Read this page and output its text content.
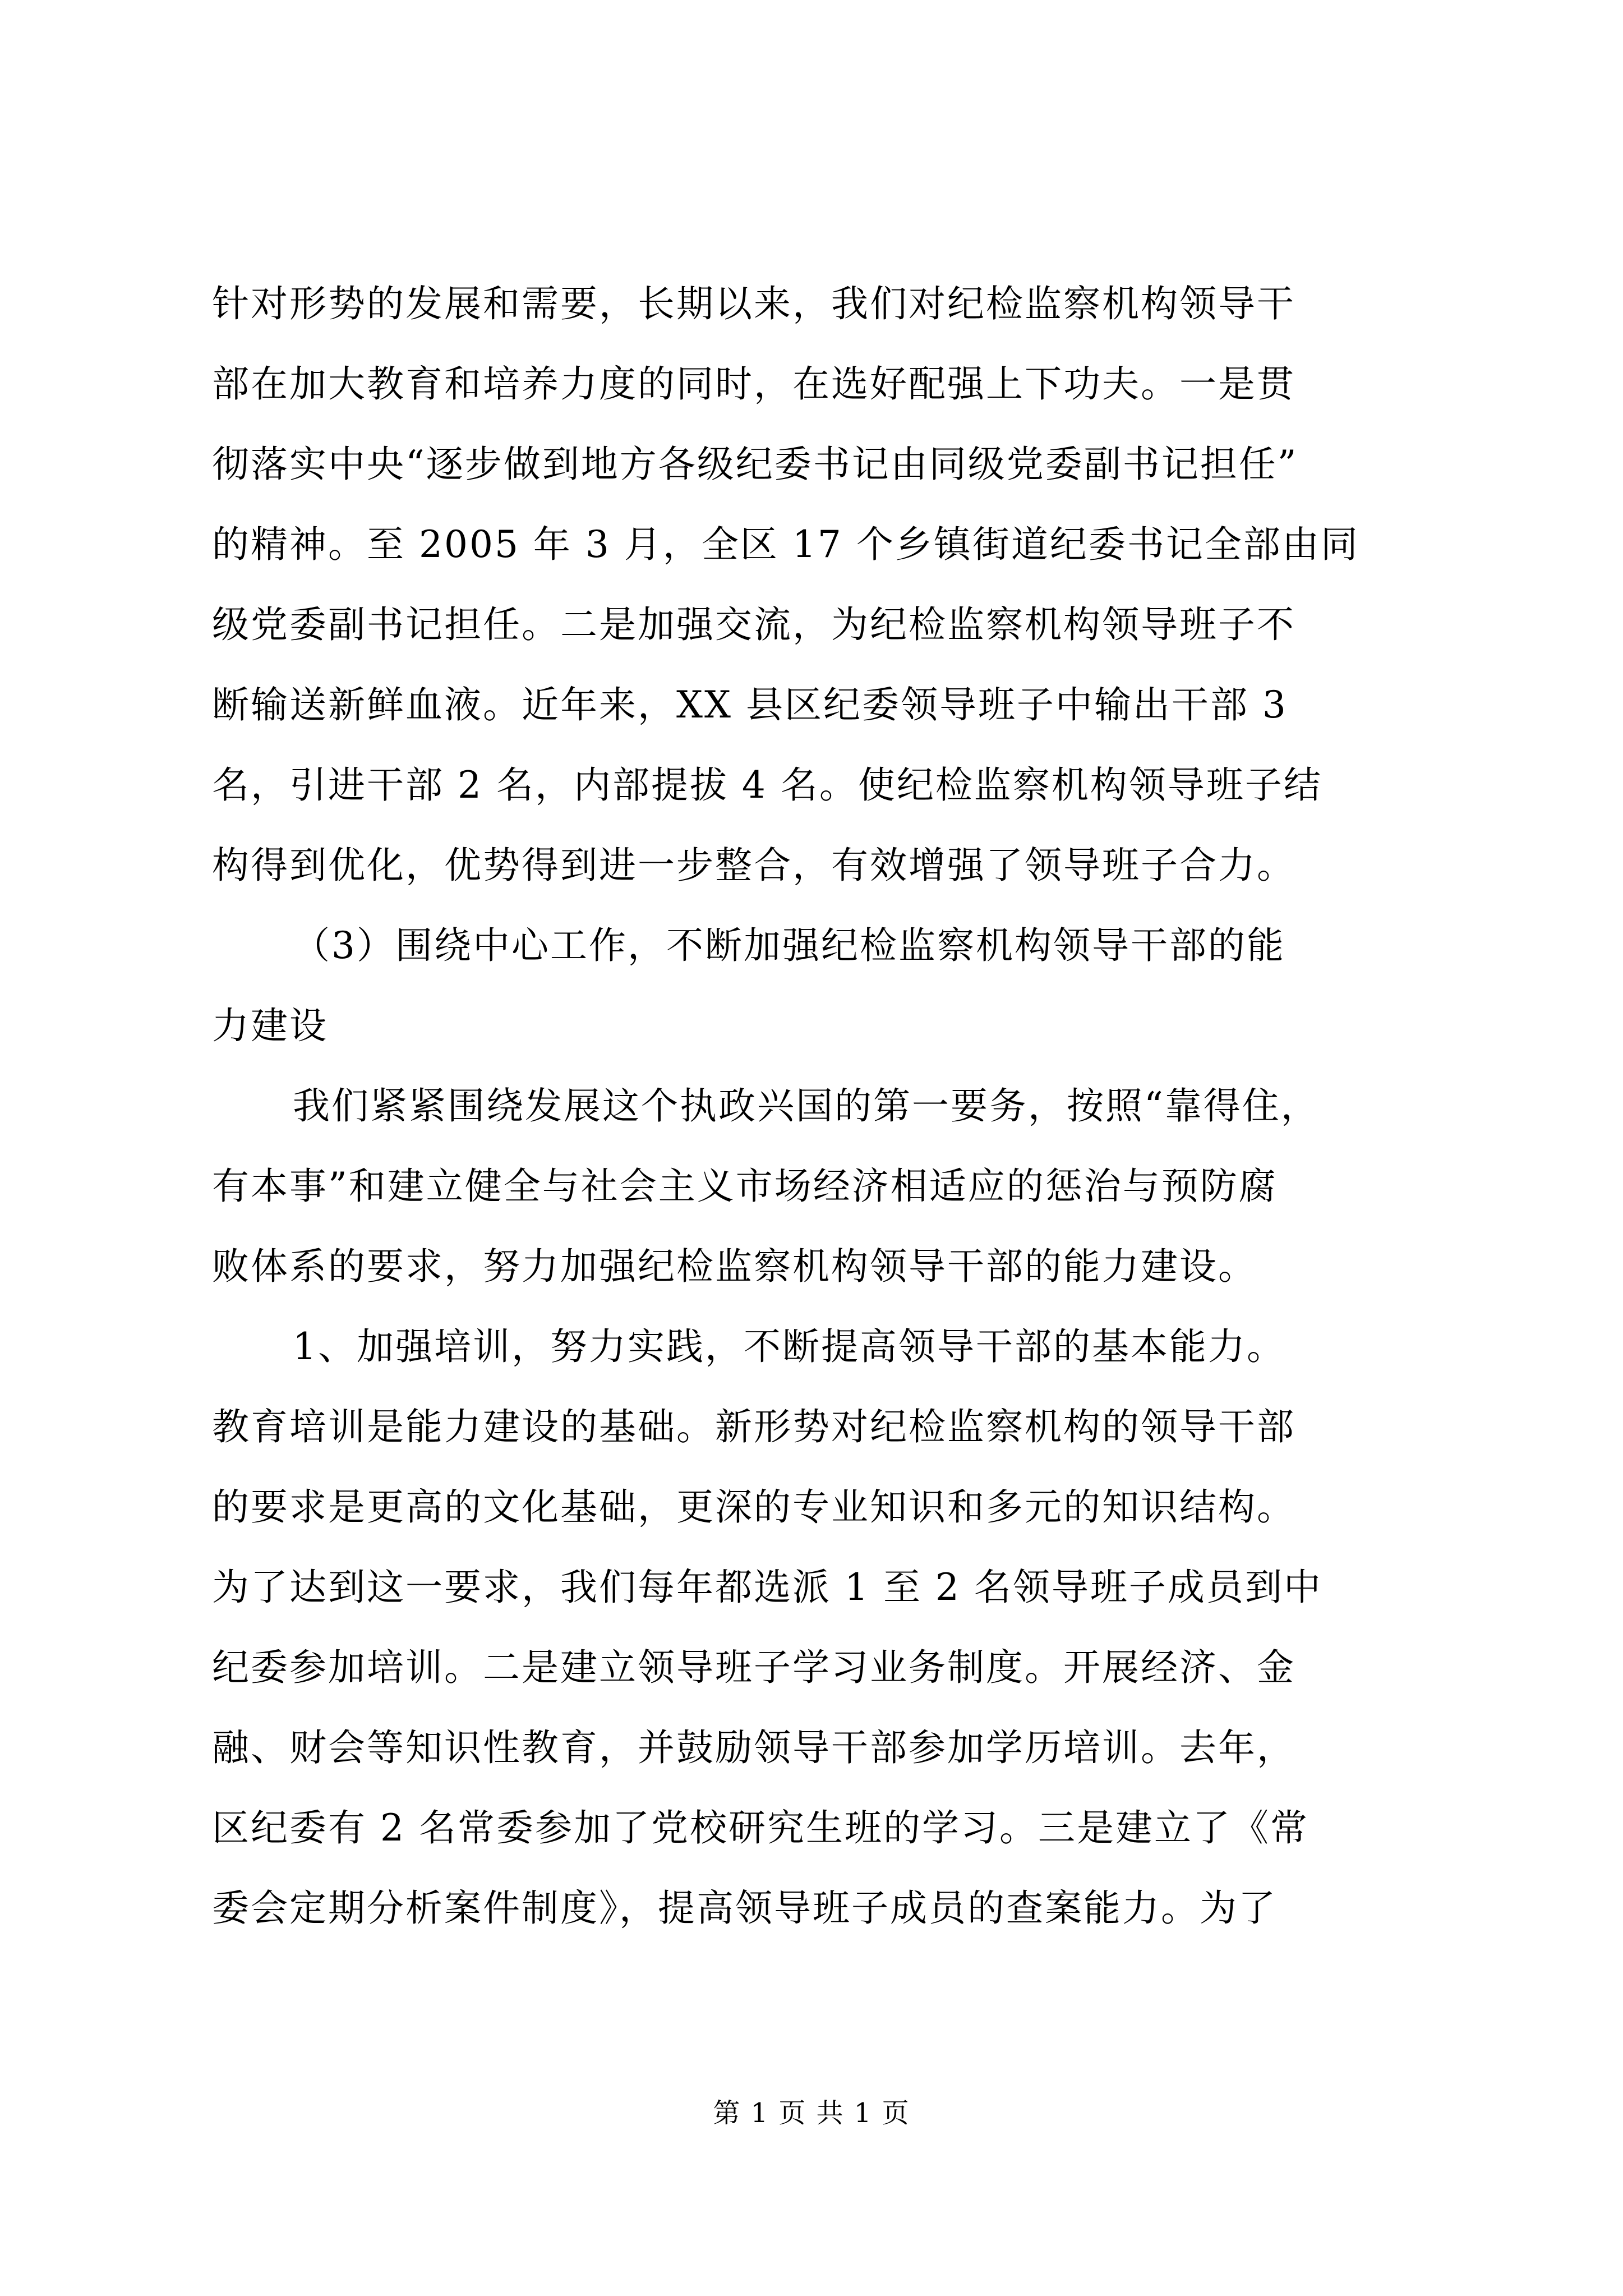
针对形势的发展和需要，长期以来，我们对纪检监察机构领导干
部在加大教育和培养力度的同时，在选好配强上下功夫。一是贯
彻落实中央“逐步做到地方各级纪委书记由同级党委副书记担任”
的精神。至 2005 年 3 月，全区 17 个乡镇街道纪委书记全部由同
级党委副书记担任。二是加强交流，为纪检监察机构领导班子不
断输送新鲜血液。近年来，XX 县区纪委领导班子中输出干部 3
名，引进干部 2 名，内部提拔 4 名。使纪检监察机构领导班子结
构得到优化，优势得到进一步整合，有效增强了领导班子合力。
（3）围绕中心工作，不断加强纪检监察机构领导干部的能
力建设
我们紧紧围绕发展这个执政兴国的第一要务，按照“靠得住，
有本事”和建立健全与社会主义市场经济相适应的惩治与预防腐
败体系的要求，努力加强纪检监察机构领导干部的能力建设。
1、加强培训，努力实践，不断提高领导干部的基本能力。
教育培训是能力建设的基础。新形势对纪检监察机构的领导干部
的要求是更高的文化基础，更深的专业知识和多元的知识结构。
为了达到这一要求，我们每年都选派 1 至 2 名领导班子成员到中
纪委参加培训。二是建立领导班子学习业务制度。开展经济、金
融、财会等知识性教育，并鼓励领导干部参加学历培训。去年，
区纪委有 2 名常委参加了党校研究生班的学习。三是建立了《常
委会定期分析案件制度》，提高领导班子成员的查案能力。为了
第 1 页 共 1 页
